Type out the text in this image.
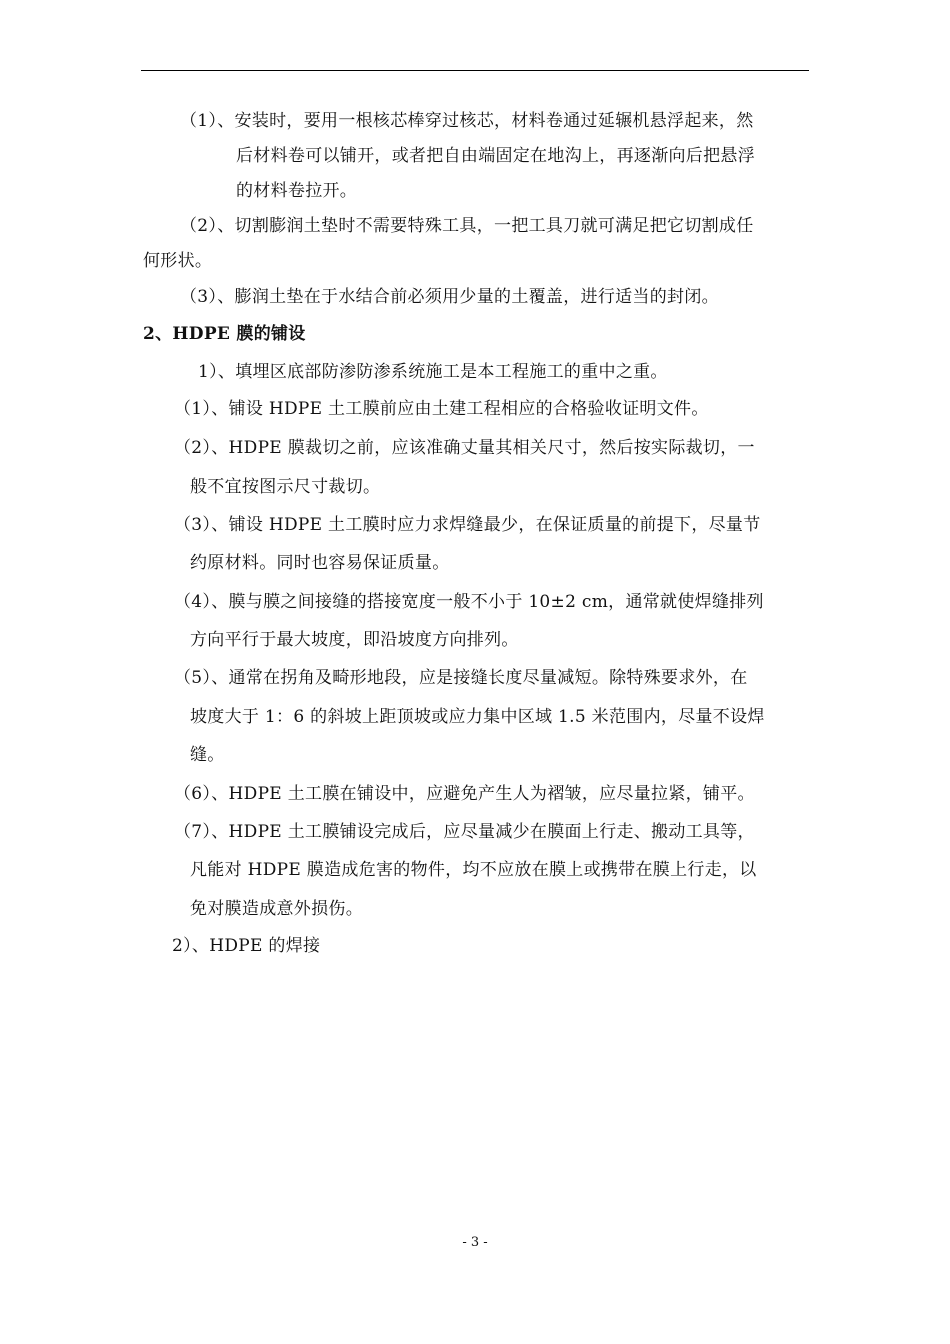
（1）、安装时，要用一根核芯棒穿过核芯，材料卷通过延辗机悬浮起来，然
后材料卷可以铺开，或者把自由端固定在地沟上，再逐渐向后把悬浮
的材料卷拉开。
（2）、切割膨润土垫时不需要特殊工具，一把工具刀就可满足把它切割成任
何形状。
（3）、膨润土垫在于水结合前必须用少量的土覆盖，进行适当的封闭。
2、HDPE 膜的铺设
1）、填埋区底部防渗防渗系统施工是本工程施工的重中之重。
（1）、铺设 HDPE 土工膜前应由土建工程相应的合格验收证明文件。
（2）、HDPE 膜裁切之前，应该准确丈量其相关尺寸，然后按实际裁切，一
般不宜按图示尺寸裁切。
（3）、铺设 HDPE 土工膜时应力求焊缝最少，在保证质量的前提下，尽量节
约原材料。同时也容易保证质量。
（4）、膜与膜之间接缝的搭接宽度一般不小于 10±2 cm，通常就使焊缝排列
方向平行于最大坡度，即沿坡度方向排列。
（5）、通常在拐角及畸形地段，应是接缝长度尽量减短。除特殊要求外，在
坡度大于 1：6 的斜坡上距顶坡或应力集中区域 1.5 米范围内，尽量不设焊
缝。
（6）、HDPE 土工膜在铺设中，应避免产生人为褶皱，应尽量拉紧，铺平。
（7）、HDPE 土工膜铺设完成后，应尽量减少在膜面上行走、搬动工具等，
凡能对 HDPE 膜造成危害的物件，均不应放在膜上或携带在膜上行走，以
免对膜造成意外损伤。
2）、HDPE 的焊接
- 3 -
